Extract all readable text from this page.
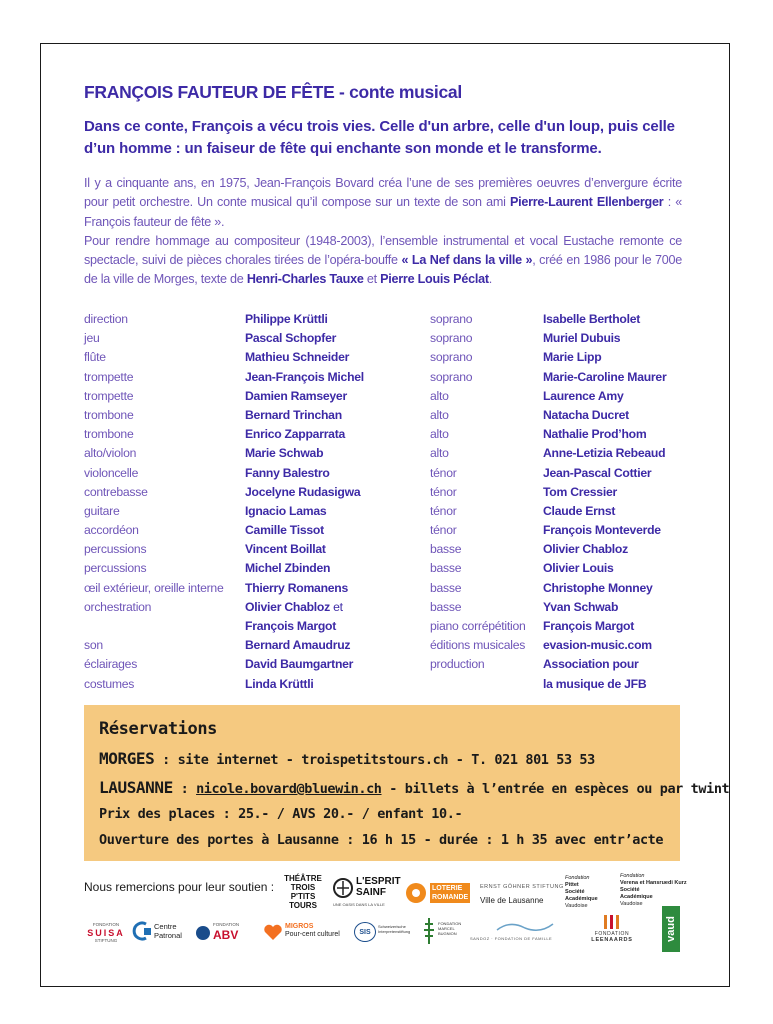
FRANÇOIS FAUTEUR DE FÊTE - conte musical
Dans ce conte, François a vécu trois vies. Celle d'un arbre, celle d'un loup, puis celle d’un homme : un faiseur de fête qui enchante son monde et le transforme.
Il y a cinquante ans, en 1975, Jean-François Bovard créa l’une de ses premières oeuvres d’envergure écrite pour petit orchestre. Un conte musical qu’il compose sur un texte de son ami Pierre-Laurent Ellenberger : « François fauteur de fête ».
Pour rendre hommage au compositeur (1948-2003), l’ensemble instrumental et vocal Eustache remonte ce spectacle, suivi de pièces chorales tirées de l’opéra-bouffe « La Nef dans la ville », créé en 1986 pour le 700e de la ville de Morges, texte de Henri-Charles Tauxe et Pierre Louis Péclat.
direction
jeu
flûte
trompette
trompette
trombone
trombone
alto/violon
violoncelle
contrebasse
guitare
accordéon
percussions
percussions
œil extérieur, oreille interne
orchestration
son
éclairages
costumes
Philippe Krüttli
Pascal Schopfer
Mathieu Schneider
Jean-François Michel
Damien Ramseyer
Bernard Trinchan
Enrico Zapparrata
Marie Schwab
Fanny Balestro
Jocelyne Rudasigwa
Ignacio Lamas
Camille Tissot
Vincent Boillat
Michel Zbinden
Thierry Romanens
Olivier Chabloz et
François Margot
Bernard Amaudruz
David Baumgartner
Linda Krüttli
soprano
soprano
soprano
soprano
alto
alto
alto
alto
ténor
ténor
ténor
ténor
basse
basse
basse
basse
piano corrépétition
éditions musicales
production
Isabelle Bertholet
Muriel Dubuis
Marie Lipp
Marie-Caroline Maurer
Laurence Amy
Natacha Ducret
Nathalie Prod’hom
Anne-Letizia Rebeaud
Jean-Pascal Cottier
Tom Cressier
Claude Ernst
François Monteverde
Olivier Chabloz
Olivier Louis
Christophe Monney
Yvan Schwab
François Margot
evasion-music.com
Association pour
la musique de JFB
Réservations
MORGES : site internet - troispetitstours.ch - T. 021 801 53 53
LAUSANNE : nicole.bovard@bluewin.ch - billets à l’entrée en espèces ou par twint
Prix des places : 25.- / AVS 20.- / enfant 10.-
Ouverture des portes à Lausanne : 16 h 15 - durée : 1 h 35 avec entr’acte
Nous remercions pour leur soutien :
THÉÂTRE TROIS P'TITS TOURS
L'ESPRIT
SAINF
UNE OASIS DANS LA VILLE
LOTERIE ROMANDE
ERNST GÖHNER STIFTUNG
Ville de Lausanne
Fondation
Pittet
Société
Académique
Vaudoise
Fondation
Verena et Hansruedi Kurz
Société
Académique
Vaudoise
FONDATION
SUISA
STIFTUNG
Centre
Patronal
FONDATION
ABV
MIGROS
Pour-cent culturel	SIS
Schweizerische Interpretenstiftung
FONDATION
MARCEL
BUGNION
SANDOZ · FONDATION DE FAMILLE
FONDATION
LEENAARDS	vaud
